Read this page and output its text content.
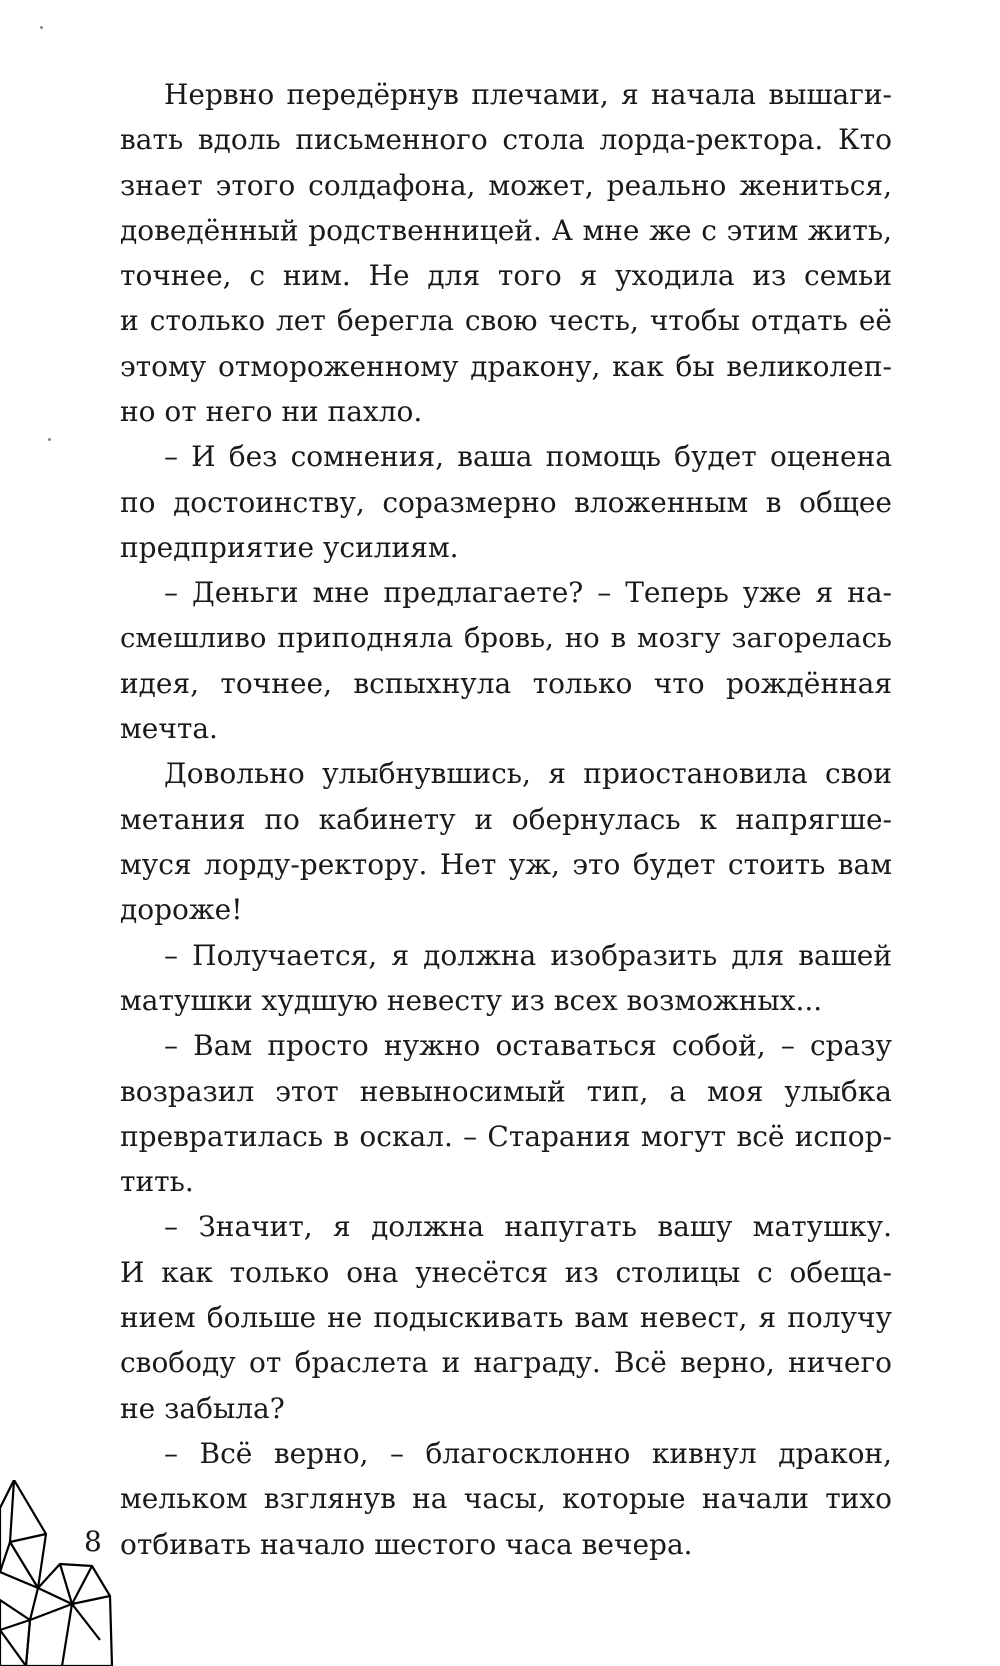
Нервно передёрнув плечами, я начала вышаги-
вать вдоль письменного стола лорда-ректора. Кто
знает этого солдафона, может, реально жениться,
доведённый родственницей. А мне же с этим жить,
точнее, с ним. Не для того я уходила из семьи
и столько лет берегла свою честь, чтобы отдать её
этому отмороженному дракону, как бы великолеп-
но от него ни пахло.
– И без сомнения, ваша помощь будет оценена
по достоинству, соразмерно вложенным в общее
предприятие усилиям.
– Деньги мне предлагаете? – Теперь уже я на-
смешливо приподняла бровь, но в мозгу загорелась
идея, точнее, вспыхнула только что рождённая
мечта.
Довольно улыбнувшись, я приостановила свои
метания по кабинету и обернулась к напрягше-
муся лорду-ректору. Нет уж, это будет стоить вам
дороже!
– Получается, я должна изобразить для вашей
матушки худшую невесту из всех возможных...
– Вам просто нужно оставаться собой, – сразу
возразил этот невыносимый тип, а моя улыбка
превратилась в оскал. – Старания могут всё испор-
тить.
– Значит, я должна напугать вашу матушку.
И как только она унесётся из столицы с обеща-
нием больше не подыскивать вам невест, я получу
свободу от браслета и награду. Всё верно, ничего
не забыла?
– Всё верно, – благосклонно кивнул дракон,
мельком взглянув на часы, которые начали тихо
отбивать начало шестого часа вечера.
8
